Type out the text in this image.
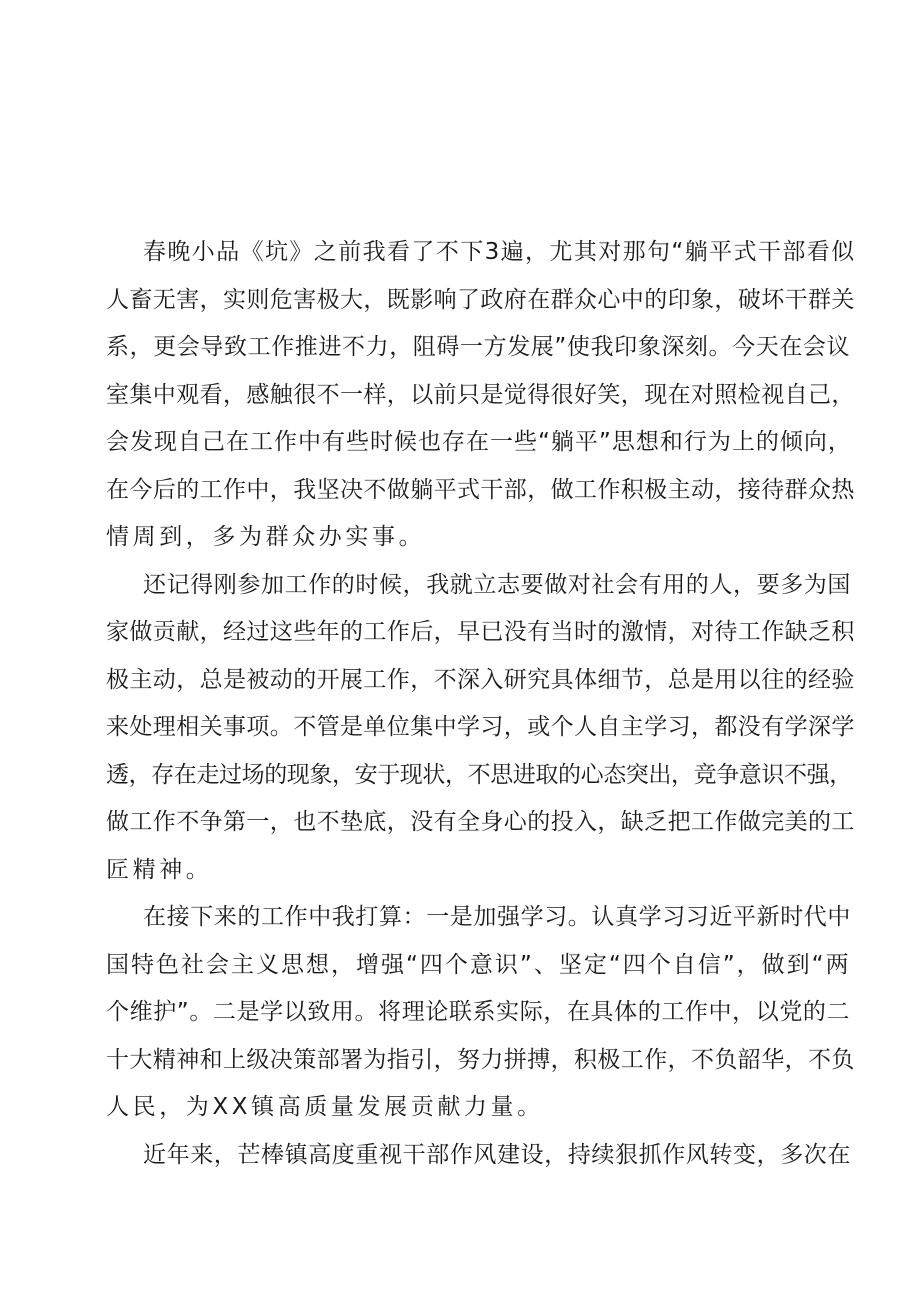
春晚小品《坑》之前我看了不下3遍，尤其对那句“躺平式干部看似
人畜无害，实则危害极大，既影响了政府在群众心中的印象，破坏干群关
系，更会导致工作推进不力，阻碍一方发展”使我印象深刻。今天在会议
室集中观看，感触很不一样，以前只是觉得很好笑，现在对照检视自己，
会发现自己在工作中有些时候也存在一些“躺平”思想和行为上的倾向，
在今后的工作中，我坚决不做躺平式干部，做工作积极主动，接待群众热
情周到，多为群众办实事。
还记得刚参加工作的时候，我就立志要做对社会有用的人，要多为国
家做贡献，经过这些年的工作后，早已没有当时的激情，对待工作缺乏积
极主动，总是被动的开展工作，不深入研究具体细节，总是用以往的经验
来处理相关事项。不管是单位集中学习，或个人自主学习，都没有学深学
透，存在走过场的现象，安于现状，不思进取的心态突出，竞争意识不强，
做工作不争第一，也不垫底，没有全身心的投入，缺乏把工作做完美的工
匠精神。
在接下来的工作中我打算：一是加强学习。认真学习习近平新时代中
国特色社会主义思想，增强“四个意识”、坚定“四个自信”，做到“两
个维护”。二是学以致用。将理论联系实际，在具体的工作中，以党的二
十大精神和上级决策部署为指引，努力拼搏，积极工作，不负韶华，不负
人民，为XX镇高质量发展贡献力量。
近年来，芒棒镇高度重视干部作风建设，持续狠抓作风转变，多次在
